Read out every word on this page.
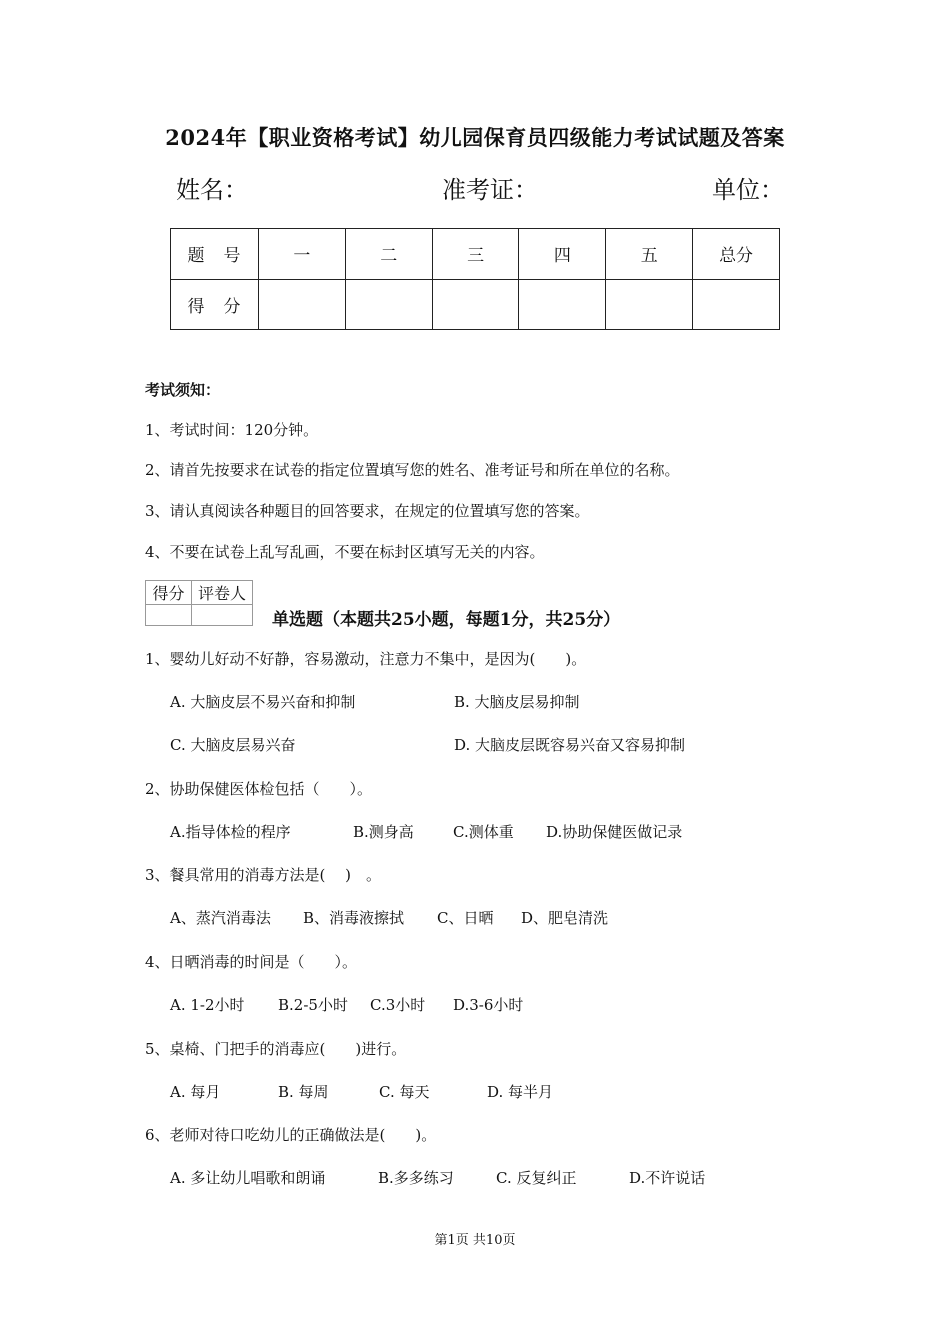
2024年【职业资格考试】幼儿园保育员四级能力考试试题及答案
姓名：	准考证：	单位：
题　号	一	二	三	四	五	总分
得　分						
考试须知：
1、考试时间：120分钟。
2、请首先按要求在试卷的指定位置填写您的姓名、准考证号和所在单位的名称。
3、请认真阅读各种题目的回答要求，在规定的位置填写您的答案。
4、不要在试卷上乱写乱画，不要在标封区填写无关的内容。
得分	评卷人

单选题（本题共25小题，每题1分，共25分）
1、婴幼儿好动不好静，容易激动，注意力不集中，是因为(　　)。
A. 大脑皮层不易兴奋和抑制	B. 大脑皮层易抑制
C. 大脑皮层易兴奋	D. 大脑皮层既容易兴奋又容易抑制
2、协助保健医体检包括（　　）。
A.指导体检的程序	B.测身高	C.测体重 D.协助保健医做记录
3、餐具常用的消毒方法是(　 )　。
A、蒸汽消毒法 B、消毒液擦拭 C、日晒 D、肥皂清洗
4、日晒消毒的时间是（　　）。
A. 1-2小时 B.2-5小时 C.3小时 D.3-6小时
5、桌椅、门把手的消毒应(　　)进行。
A. 每月	B. 每周	C. 每天	D. 每半月
6、老师对待口吃幼儿的正确做法是(　　)。
A. 多让幼儿唱歌和朗诵	B.多多练习	C. 反复纠正	D.不许说话
第1页 共10页
